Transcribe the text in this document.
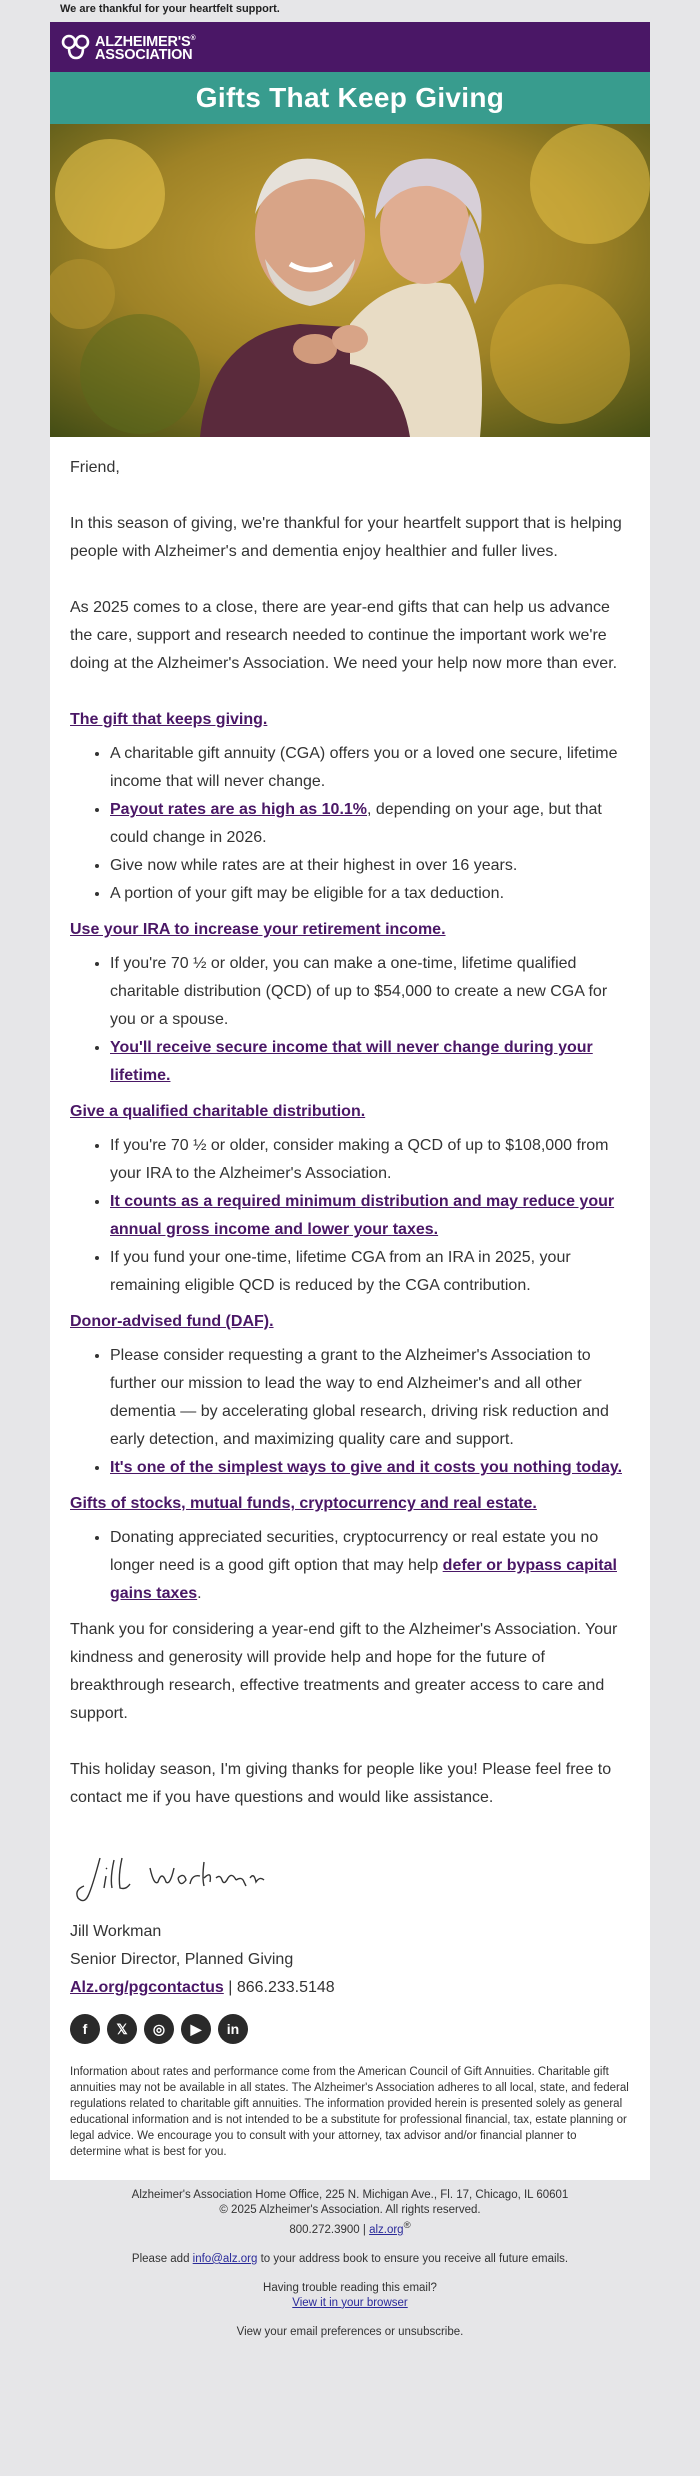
We are thankful for your heartfelt support.
ALZHEIMER'S®
ASSOCIATION
Gifts That Keep Giving

Friend,

In this season of giving, we're thankful for your heartfelt support that is helping people with Alzheimer's and dementia enjoy healthier and fuller lives.

As 2025 comes to a close, there are year-end gifts that can help us advance the care, support and research needed to continue the important work we're doing at the Alzheimer's Association. We need your help now more than ever.

The gift that keeps giving.
• A charitable gift annuity (CGA) offers you or a loved one secure, lifetime income that will never change.
• Payout rates are as high as 10.1%, depending on your age, but that could change in 2026.
• Give now while rates are at their highest in over 16 years.
• A portion of your gift may be eligible for a tax deduction.
Use your IRA to increase your retirement income.
• If you're 70 ½ or older, you can make a one-time, lifetime qualified charitable distribution (QCD) of up to $54,000 to create a new CGA for you or a spouse.
• You'll receive secure income that will never change during your lifetime.
Give a qualified charitable distribution.
• If you're 70 ½ or older, consider making a QCD of up to $108,000 from your IRA to the Alzheimer's Association.
• It counts as a required minimum distribution and may reduce your annual gross income and lower your taxes.
• If you fund your one-time, lifetime CGA from an IRA in 2025, your remaining eligible QCD is reduced by the CGA contribution.
Donor-advised fund (DAF).
• Please consider requesting a grant to the Alzheimer's Association to further our mission to lead the way to end Alzheimer's and all other dementia — by accelerating global research, driving risk reduction and early detection, and maximizing quality care and support.
• It's one of the simplest ways to give and it costs you nothing today.
Gifts of stocks, mutual funds, cryptocurrency and real estate.
• Donating appreciated securities, cryptocurrency or real estate you no longer need is a good gift option that may help defer or bypass capital gains taxes.

Thank you for considering a year-end gift to the Alzheimer's Association. Your kindness and generosity will provide help and hope for the future of breakthrough research, effective treatments and greater access to care and support.

This holiday season, I'm giving thanks for people like you! Please feel free to contact me if you have questions and would like assistance.

Jill Workman
Jill Workman
Senior Director, Planned Giving
Alz.org/pgcontactus | 866.233.5148
f	𝕏	◎	▶	in
Information about rates and performance come from the American Council of Gift Annuities. Charitable gift annuities may not be available in all states. The Alzheimer's Association adheres to all local, state, and federal regulations related to charitable gift annuities. The information provided herein is presented solely as general educational information and is not intended to be a substitute for professional financial, tax, estate planning or legal advice. We encourage you to consult with your attorney, tax advisor and/or financial planner to determine what is best for you.

Alzheimer's Association Home Office, 225 N. Michigan Ave., Fl. 17, Chicago, IL 60601

© 2025 Alzheimer's Association. All rights reserved.

800.272.3900 | alz.org®

Please add info@alz.org to your address book to ensure you receive all future emails.

Having trouble reading this email?

View it in your browser

View your email preferences or unsubscribe.
